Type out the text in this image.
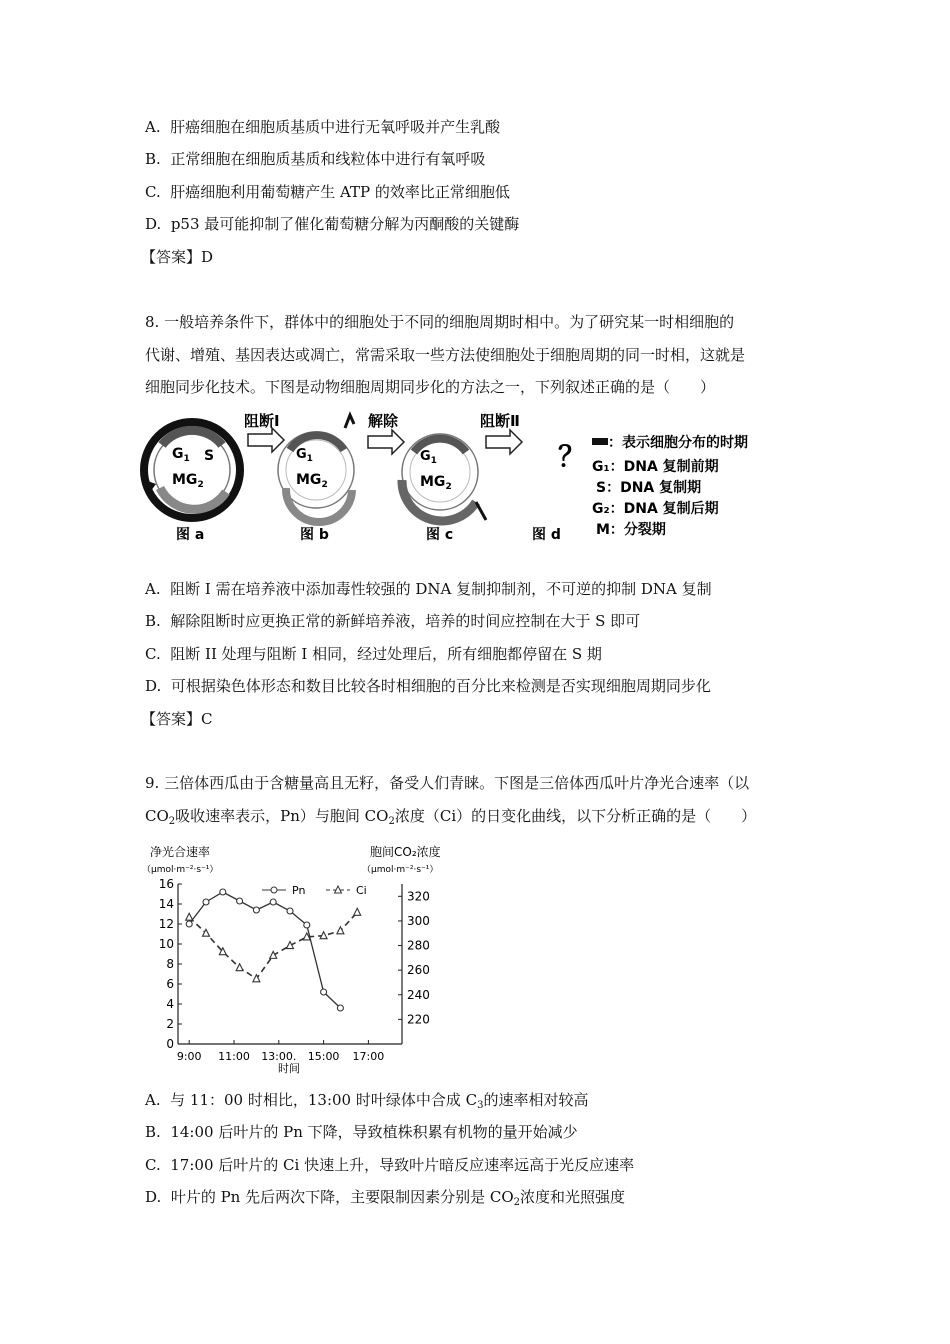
A. 肝癌细胞在细胞质基质中进行无氧呼吸并产生乳酸
B. 正常细胞在细胞质基质和线粒体中进行有氧呼吸
C. 肝癌细胞利用葡萄糖产生 ATP 的效率比正常细胞低
D. p53 最可能抑制了催化葡萄糖分解为丙酮酸的关键酶
【答案】D
8. 一般培养条件下，群体中的细胞处于不同的细胞周期时相中。为了研究某一时相细胞的
代谢、增殖、基因表达或凋亡，常需采取一些方法使细胞处于细胞周期的同一时相，这就是
细胞同步化技术。下图是动物细胞周期同步化的方法之一，下列叙述正确的是（　　）
$G_1$ S
$MG_2$
图 a
阻断Ⅰ
$G_1$
$MG_2$
图 b
解除
$G_1$
$MG_2$
图 c
阻断Ⅱ
？
图 d
：表示细胞分布的时期
G₁：DNA 复制前期
S：DNA 复制期
G₂：DNA 复制后期
M：分裂期
A. 阻断 I 需在培养液中添加毒性较强的 DNA 复制抑制剂，不可逆的抑制 DNA 复制
B. 解除阻断时应更换正常的新鲜培养液，培养的时间应控制在大于 S 即可
C. 阻断 II 处理与阻断 I 相同，经过处理后，所有细胞都停留在 S 期
D. 可根据染色体形态和数目比较各时相细胞的百分比来检测是否实现细胞周期同步化
【答案】C
9. 三倍体西瓜由于含糖量高且无籽，备受人们青睐。下图是三倍体西瓜叶片净光合速率（以
$CO_2$吸收速率表示，Pn）与胞间 $CO_2$浓度（Ci）的日变化曲线，以下分析正确的是（　　）
净光合速率
（μmol·m⁻²·s⁻¹）
胞间CO₂浓度
（μmol·m⁻²·s⁻¹）
时间
0
2
4
6
8
10
12
14
16
220
240
260
280
300
320
9:00 11:00 13:00. 15:00 17:00
Pn	Ci
A. 与 11：00 时相比，13:00 时叶绿体中合成 $C_3$的速率相对较高
B. 14:00 后叶片的 Pn 下降，导致植株积累有机物的量开始减少
C. 17:00 后叶片的 Ci 快速上升，导致叶片暗反应速率远高于光反应速率
D. 叶片的 Pn 先后两次下降，主要限制因素分别是 $CO_2$浓度和光照强度
